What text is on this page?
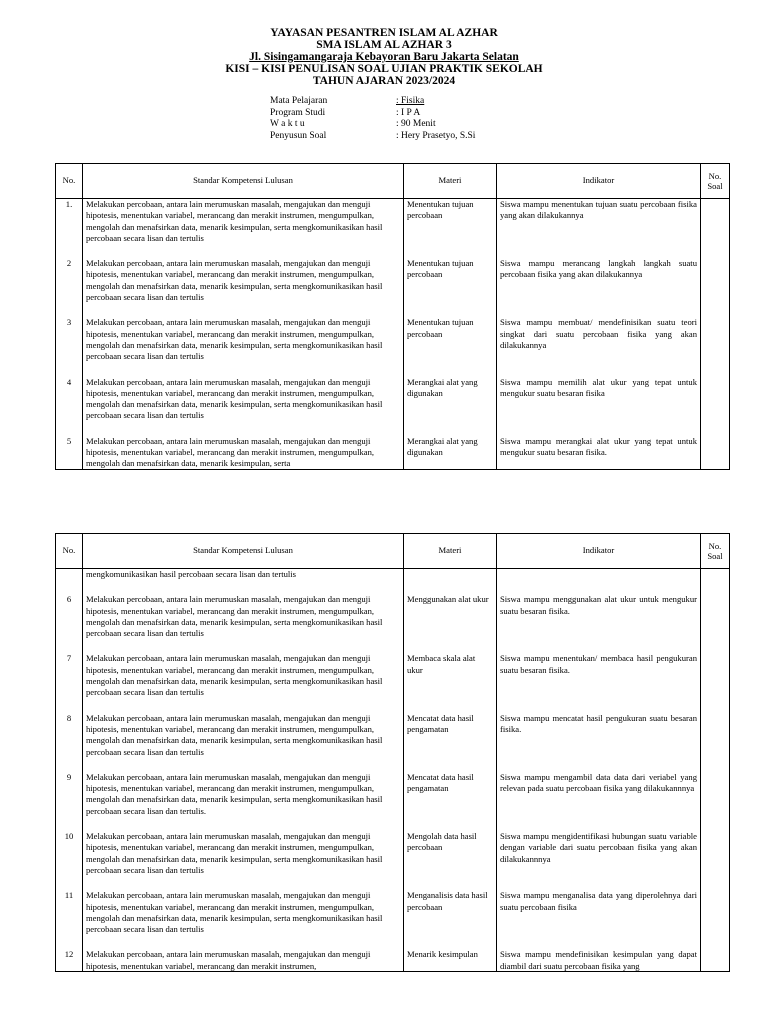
YAYASAN PESANTREN ISLAM AL AZHAR
SMA ISLAM AL AZHAR 3
Jl. Sisingamangaraja Kebayoran Baru Jakarta Selatan
KISI – KISI PENULISAN SOAL UJIAN PRAKTIK SEKOLAH
TAHUN AJARAN 2023/2024
Mata Pelajaran	: Fisika
Program Studi	: I P A
W a k t u	: 90 Menit
Penyusun Soal	: Hery Prasetyo, S.Si
No.	Standar Kompetensi Lulusan	Materi	Indikator	No.
Soal
1.	Melakukan percobaan, antara lain merumuskan masalah, mengajukan dan menguji hipotesis, menentukan variabel, merancang dan merakit instrumen, mengumpulkan, mengolah dan menafsirkan data, menarik kesimpulan, serta mengkomunikasikan hasil percobaan secara lisan dan tertulis	Menentukan tujuan percobaan	Siswa mampu menentukan tujuan suatu percobaan fisika yang akan dilakukannya	
2	Melakukan percobaan, antara lain merumuskan masalah, mengajukan dan menguji hipotesis, menentukan variabel, merancang dan merakit instrumen, mengumpulkan, mengolah dan menafsirkan data, menarik kesimpulan, serta mengkomunikasikan hasil percobaan secara lisan dan tertulis	Menentukan tujuan percobaan	Siswa mampu merancang langkah langkah suatu percobaan fisika yang akan dilakukannya	
3	Melakukan percobaan, antara lain merumuskan masalah, mengajukan dan menguji hipotesis, menentukan variabel, merancang dan merakit instrumen, mengumpulkan, mengolah dan menafsirkan data, menarik kesimpulan, serta mengkomunikasikan hasil percobaan secara lisan dan tertulis	Menentukan tujuan percobaan	Siswa mampu membuat/ mendefinisikan suatu teori singkat dari suatu percobaan fisika yang akan dilakukannya	
4	Melakukan percobaan, antara lain merumuskan masalah, mengajukan dan menguji hipotesis, menentukan variabel, merancang dan merakit instrumen, mengumpulkan, mengolah dan menafsirkan data, menarik kesimpulan, serta mengkomunikasikan hasil percobaan secara lisan dan tertulis	Merangkai alat yang digunakan	Siswa mampu memilih alat ukur yang tepat untuk mengukur suatu besaran fisika	
5	Melakukan percobaan, antara lain merumuskan masalah, mengajukan dan menguji hipotesis, menentukan variabel, merancang dan merakit instrumen, mengumpulkan, mengolah dan menafsirkan data, menarik kesimpulan, serta	Merangkai alat yang digunakan	Siswa mampu merangkai alat ukur yang tepat untuk mengukur suatu besaran fisika.	
No.	Standar Kompetensi Lulusan	Materi	Indikator	No.
Soal
	mengkomunikasikan hasil percobaan secara lisan dan tertulis			
6	Melakukan percobaan, antara lain merumuskan masalah, mengajukan dan menguji hipotesis, menentukan variabel, merancang dan merakit instrumen, mengumpulkan, mengolah dan menafsirkan data, menarik kesimpulan, serta mengkomunikasikan hasil percobaan secara lisan dan tertulis	Menggunakan alat ukur	Siswa mampu menggunakan alat ukur untuk mengukur suatu besaran fisika.	
7	Melakukan percobaan, antara lain merumuskan masalah, mengajukan dan menguji hipotesis, menentukan variabel, merancang dan merakit instrumen, mengumpulkan, mengolah dan menafsirkan data, menarik kesimpulan, serta mengkomunikasikan hasil percobaan secara lisan dan tertulis	Membaca skala alat ukur	Siswa mampu menentukan/ membaca hasil pengukuran suatu besaran fisika.	
8	Melakukan percobaan, antara lain merumuskan masalah, mengajukan dan menguji hipotesis, menentukan variabel, merancang dan merakit instrumen, mengumpulkan, mengolah dan menafsirkan data, menarik kesimpulan, serta mengkomunikasikan hasil percobaan secara lisan dan tertulis	Mencatat data hasil pengamatan	Siswa mampu mencatat hasil pengukuran suatu besaran fisika.	
9	Melakukan percobaan, antara lain merumuskan masalah, mengajukan dan menguji hipotesis, menentukan variabel, merancang dan merakit instrumen, mengumpulkan, mengolah dan menafsirkan data, menarik kesimpulan, serta mengkomunikasikan hasil percobaan secara lisan dan tertulis.	Mencatat data hasil pengamatan	Siswa mampu mengambil data data dari veriabel yang relevan pada suatu percobaan fisika yang dilakukannnya	
10	Melakukan percobaan, antara lain merumuskan masalah, mengajukan dan menguji hipotesis, menentukan variabel, merancang dan merakit instrumen, mengumpulkan, mengolah dan menafsirkan data, menarik kesimpulan, serta mengkomunikasikan hasil percobaan secara lisan dan tertulis	Mengolah data hasil percobaan	Siswa mampu mengidentifikasi hubungan suatu variable dengan variable dari suatu percobaan fisika yang akan dilakukannnya	
11	Melakukan percobaan, antara lain merumuskan masalah, mengajukan dan menguji hipotesis, menentukan variabel, merancang dan merakit instrumen, mengumpulkan, mengolah dan menafsirkan data, menarik kesimpulan, serta mengkomunikasikan hasil percobaan secara lisan dan tertulis	Menganalisis data hasil percobaan	Siswa mampu menganalisa data yang diperolehnya dari suatu percobaan fisika	
12	Melakukan percobaan, antara lain merumuskan masalah, mengajukan dan menguji hipotesis, menentukan variabel, merancang dan merakit instrumen,	Menarik kesimpulan	Siswa mampu mendefinisikan kesimpulan yang dapat diambil dari suatu percobaan fisika yang	
